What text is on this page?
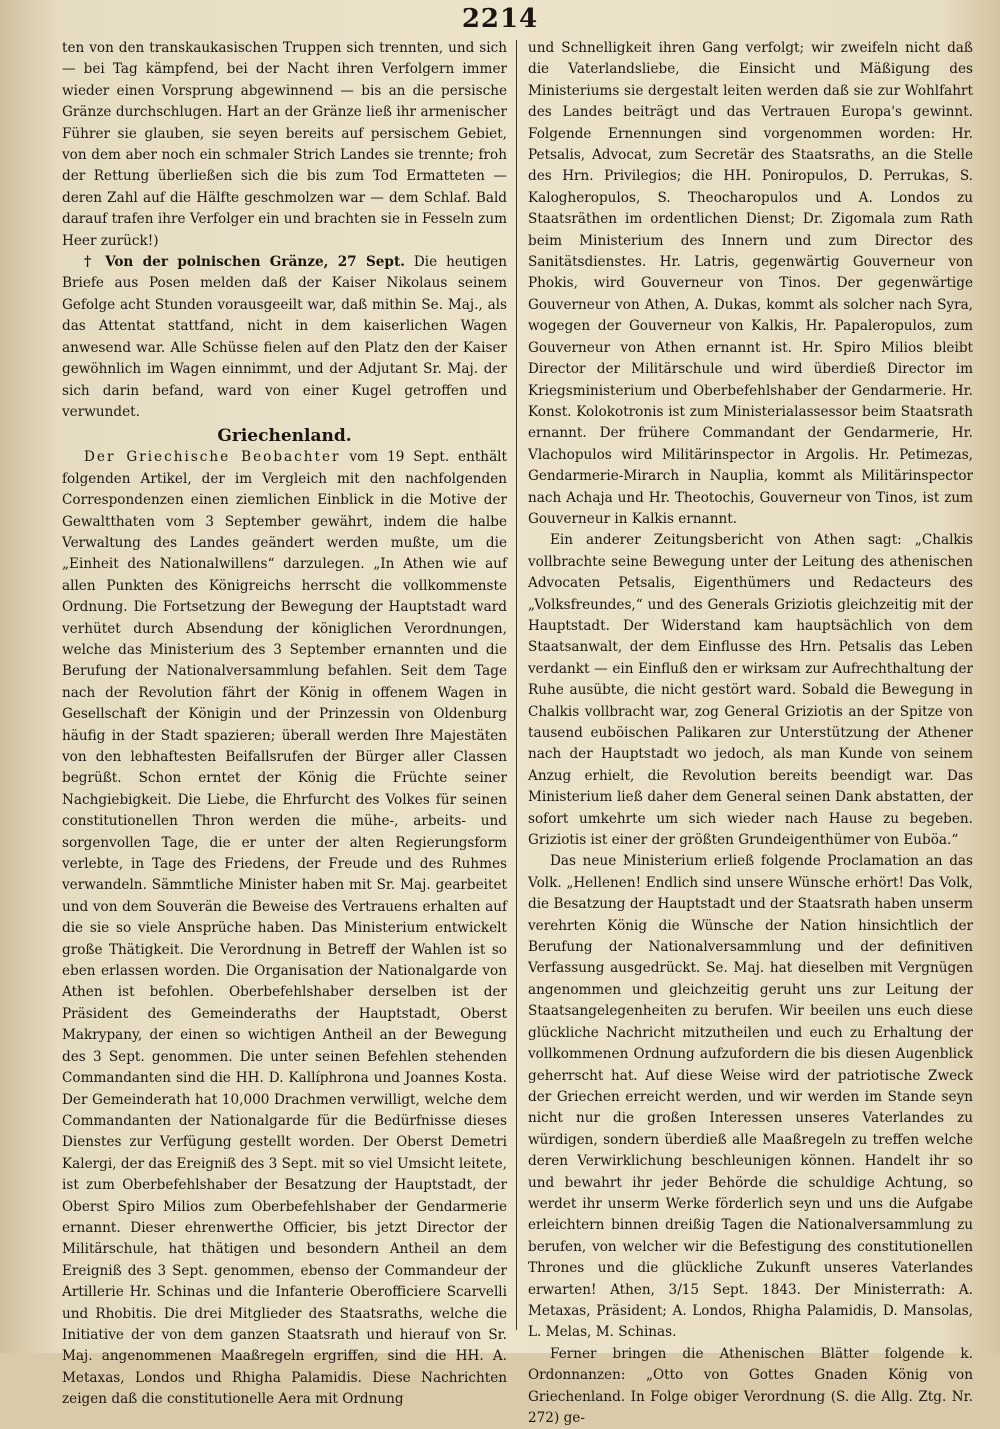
2214

ten von den transkaukasischen Truppen sich trennten, und sich — bei Tag kämpfend, bei der Nacht ihren Verfolgern immer wieder einen Vorsprung abgewinnend — bis an die persische Gränze durchschlugen. Hart an der Gränze ließ ihr armenischer Führer sie glauben, sie seyen bereits auf persischem Gebiet, von dem aber noch ein schmaler Strich Landes sie trennte; froh der Rettung überließen sich die bis zum Tod Ermatteten — deren Zahl auf die Hälfte geschmolzen war — dem Schlaf. Bald darauf trafen ihre Verfolger ein und brachten sie in Fesseln zum Heer zurück!)

† Von der polnischen Gränze, 27 Sept. Die heutigen Briefe aus Posen melden daß der Kaiser Nikolaus seinem Gefolge acht Stunden vorausgeeilt war, daß mithin Se. Maj., als das Attentat stattfand, nicht in dem kaiserlichen Wagen anwesend war. Alle Schüsse fielen auf den Platz den der Kaiser gewöhnlich im Wagen einnimmt, und der Adjutant Sr. Maj. der sich darin befand, ward von einer Kugel getroffen und verwundet.

Griechenland.

Der Griechische Beobachter vom 19 Sept. enthält folgenden Artikel, der im Vergleich mit den nachfolgenden Correspondenzen einen ziemlichen Einblick in die Motive der Gewaltthaten vom 3 September gewährt, indem die halbe Verwaltung des Landes geändert werden mußte, um die „Einheit des Nationalwillens“ darzulegen. „In Athen wie auf allen Punkten des Königreichs herrscht die vollkommenste Ordnung. Die Fortsetzung der Bewegung der Hauptstadt ward verhütet durch Absendung der königlichen Verordnungen, welche das Ministerium des 3 September ernannten und die Berufung der Nationalversammlung befahlen. Seit dem Tage nach der Revolution fährt der König in offenem Wagen in Gesellschaft der Königin und der Prinzessin von Oldenburg häufig in der Stadt spazieren; überall werden Ihre Majestäten von den lebhaftesten Beifallsrufen der Bürger aller Classen begrüßt. Schon erntet der König die Früchte seiner Nachgiebigkeit. Die Liebe, die Ehrfurcht des Volkes für seinen constitutionellen Thron werden die mühe-, arbeits- und sorgenvollen Tage, die er unter der alten Regierungsform verlebte, in Tage des Friedens, der Freude und des Ruhmes verwandeln. Sämmtliche Minister haben mit Sr. Maj. gearbeitet und von dem Souverän die Beweise des Vertrauens erhalten auf die sie so viele Ansprüche haben. Das Ministerium entwickelt große Thätigkeit. Die Verordnung in Betreff der Wahlen ist so eben erlassen worden. Die Organisation der Nationalgarde von Athen ist befohlen. Oberbefehlshaber derselben ist der Präsident des Gemeinderaths der Hauptstadt, Oberst Makrypany, der einen so wichtigen Antheil an der Bewegung des 3 Sept. genommen. Die unter seinen Befehlen stehenden Commandanten sind die HH. D. Kallíphrona und Joannes Kosta. Der Gemeinderath hat 10,000 Drachmen verwilligt, welche dem Commandanten der Nationalgarde für die Bedürfnisse dieses Dienstes zur Verfügung gestellt worden. Der Oberst Demetri Kalergi, der das Ereigniß des 3 Sept. mit so viel Umsicht leitete, ist zum Oberbefehlshaber der Besatzung der Hauptstadt, der Oberst Spiro Milios zum Oberbefehlshaber der Gendarmerie ernannt. Dieser ehrenwerthe Officier, bis jetzt Director der Militärschule, hat thätigen und besondern Antheil an dem Ereigniß des 3 Sept. genommen, ebenso der Commandeur der Artillerie Hr. Schinas und die Infanterie Oberofficiere Scarvelli und Rhobitis. Die drei Mitglieder des Staatsraths, welche die Initiative der von dem ganzen Staatsrath und hierauf von Sr. Maj. angenommenen Maaßregeln ergriffen, sind die HH. A. Metaxas, Londos und Rhigha Palamidis. Diese Nachrichten zeigen daß die constitutionelle Aera mit Ordnung

und Schnelligkeit ihren Gang verfolgt; wir zweifeln nicht daß die Vaterlandsliebe, die Einsicht und Mäßigung des Ministeriums sie dergestalt leiten werden daß sie zur Wohlfahrt des Landes beiträgt und das Vertrauen Europa's gewinnt. Folgende Ernennungen sind vorgenommen worden: Hr. Petsalis, Advocat, zum Secretär des Staatsraths, an die Stelle des Hrn. Privilegios; die HH. Poniropulos, D. Perrukas, S. Kalogheropulos, S. Theocharopulos und A. Londos zu Staatsräthen im ordentlichen Dienst; Dr. Zigomala zum Rath beim Ministerium des Innern und zum Director des Sanitätsdienstes. Hr. Latris, gegenwärtig Gouverneur von Phokis, wird Gouverneur von Tinos. Der gegenwärtige Gouverneur von Athen, A. Dukas, kommt als solcher nach Syra, wogegen der Gouverneur von Kalkis, Hr. Papaleropulos, zum Gouverneur von Athen ernannt ist. Hr. Spiro Milios bleibt Director der Militärschule und wird überdieß Director im Kriegsministerium und Oberbefehlshaber der Gendarmerie. Hr. Konst. Kolokotronis ist zum Ministerialassessor beim Staatsrath ernannt. Der frühere Commandant der Gendarmerie, Hr. Vlachopulos wird Militärinspector in Argolis. Hr. Petimezas, Gendarmerie-Mirarch in Nauplia, kommt als Militärinspector nach Achaja und Hr. Theotochis, Gouverneur von Tinos, ist zum Gouverneur in Kalkis ernannt.

Ein anderer Zeitungsbericht von Athen sagt: „Chalkis vollbrachte seine Bewegung unter der Leitung des athenischen Advocaten Petsalis, Eigenthümers und Redacteurs des „Volksfreundes,“ und des Generals Griziotis gleichzeitig mit der Hauptstadt. Der Widerstand kam hauptsächlich von dem Staatsanwalt, der dem Einflusse des Hrn. Petsalis das Leben verdankt — ein Einfluß den er wirksam zur Aufrechthaltung der Ruhe ausübte, die nicht gestört ward. Sobald die Bewegung in Chalkis vollbracht war, zog General Griziotis an der Spitze von tausend euböischen Palikaren zur Unterstützung der Athener nach der Hauptstadt wo jedoch, als man Kunde von seinem Anzug erhielt, die Revolution bereits beendigt war. Das Ministerium ließ daher dem General seinen Dank abstatten, der sofort umkehrte um sich wieder nach Hause zu begeben. Griziotis ist einer der größten Grundeigenthümer von Euböa.“

Das neue Ministerium erließ folgende Proclamation an das Volk. „Hellenen! Endlich sind unsere Wünsche erhört! Das Volk, die Besatzung der Hauptstadt und der Staatsrath haben unserm verehrten König die Wünsche der Nation hinsichtlich der Berufung der Nationalversammlung und der definitiven Verfassung ausgedrückt. Se. Maj. hat dieselben mit Vergnügen angenommen und gleichzeitig geruht uns zur Leitung der Staatsangelegenheiten zu berufen. Wir beeilen uns euch diese glückliche Nachricht mitzutheilen und euch zu Erhaltung der vollkommenen Ordnung aufzufordern die bis diesen Augenblick geherrscht hat. Auf diese Weise wird der patriotische Zweck der Griechen erreicht werden, und wir werden im Stande seyn nicht nur die großen Interessen unseres Vaterlandes zu würdigen, sondern überdieß alle Maaßregeln zu treffen welche deren Verwirklichung beschleunigen können. Handelt ihr so und bewahrt ihr jeder Behörde die schuldige Achtung, so werdet ihr unserm Werke förderlich seyn und uns die Aufgabe erleichtern binnen dreißig Tagen die Nationalversammlung zu berufen, von welcher wir die Befestigung des constitutionellen Thrones und die glückliche Zukunft unseres Vaterlandes erwarten! Athen, 3/15 Sept. 1843. Der Ministerrath: A. Metaxas, Präsident; A. Londos, Rhigha Palamidis, D. Mansolas, L. Melas, M. Schinas.

Ferner bringen die Athenischen Blätter folgende k. Ordonnanzen: „Otto von Gottes Gnaden König von Griechenland. In Folge obiger Verordnung (S. die Allg. Ztg. Nr. 272) ge-
